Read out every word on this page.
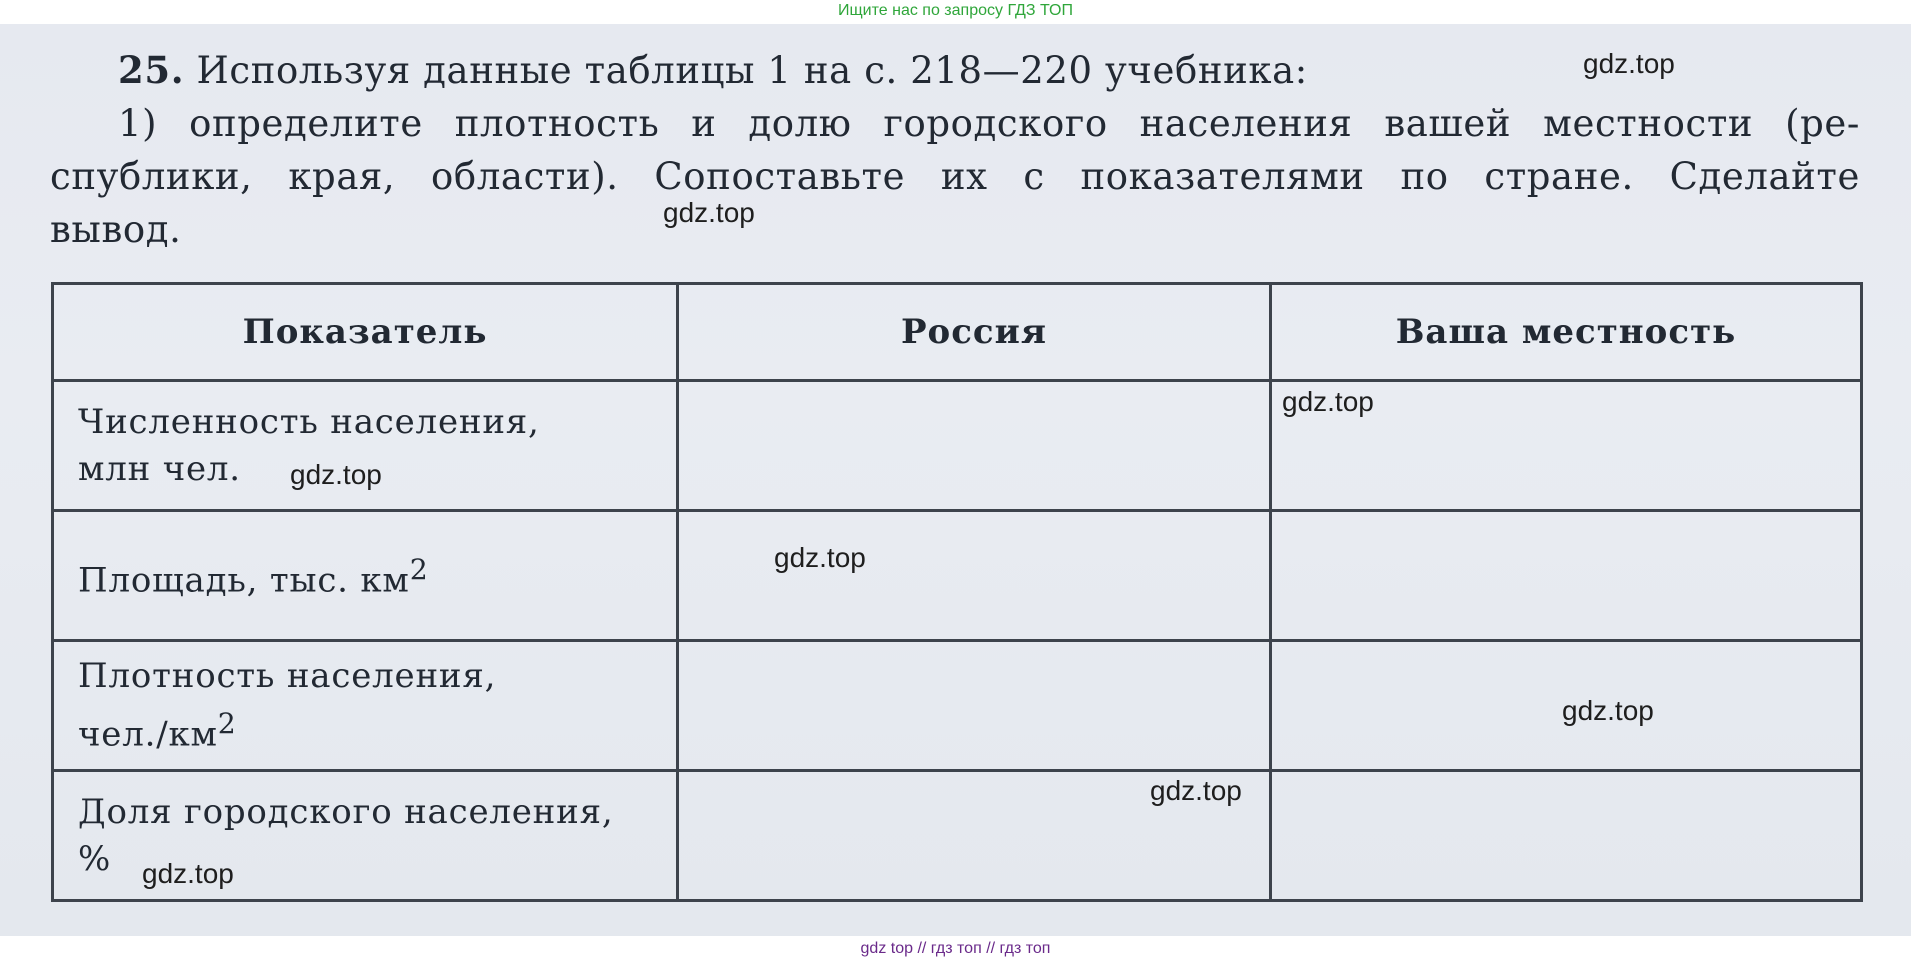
Ищите нас по запросу ГДЗ ТОП
25. Используя данные таблицы 1 на с. 218—220 учебника:
1) определите плотность и долю городского населения вашей местности (ре-
спублики, края, области). Сопоставьте их с показателями по стране. Сделайте
вывод.
Показатель	Россия	Ваша местность

Численность населения,
млн чел.		

Площадь, тыс. $км^2$

Плотность населения,
$чел./км^2$

Доля городского населения,
%		

gdz.top
gdz.top
gdz.top
gdz.top
gdz.top
gdz.top
gdz.top
gdz.top
gdz top // гдз топ // гдз топ
